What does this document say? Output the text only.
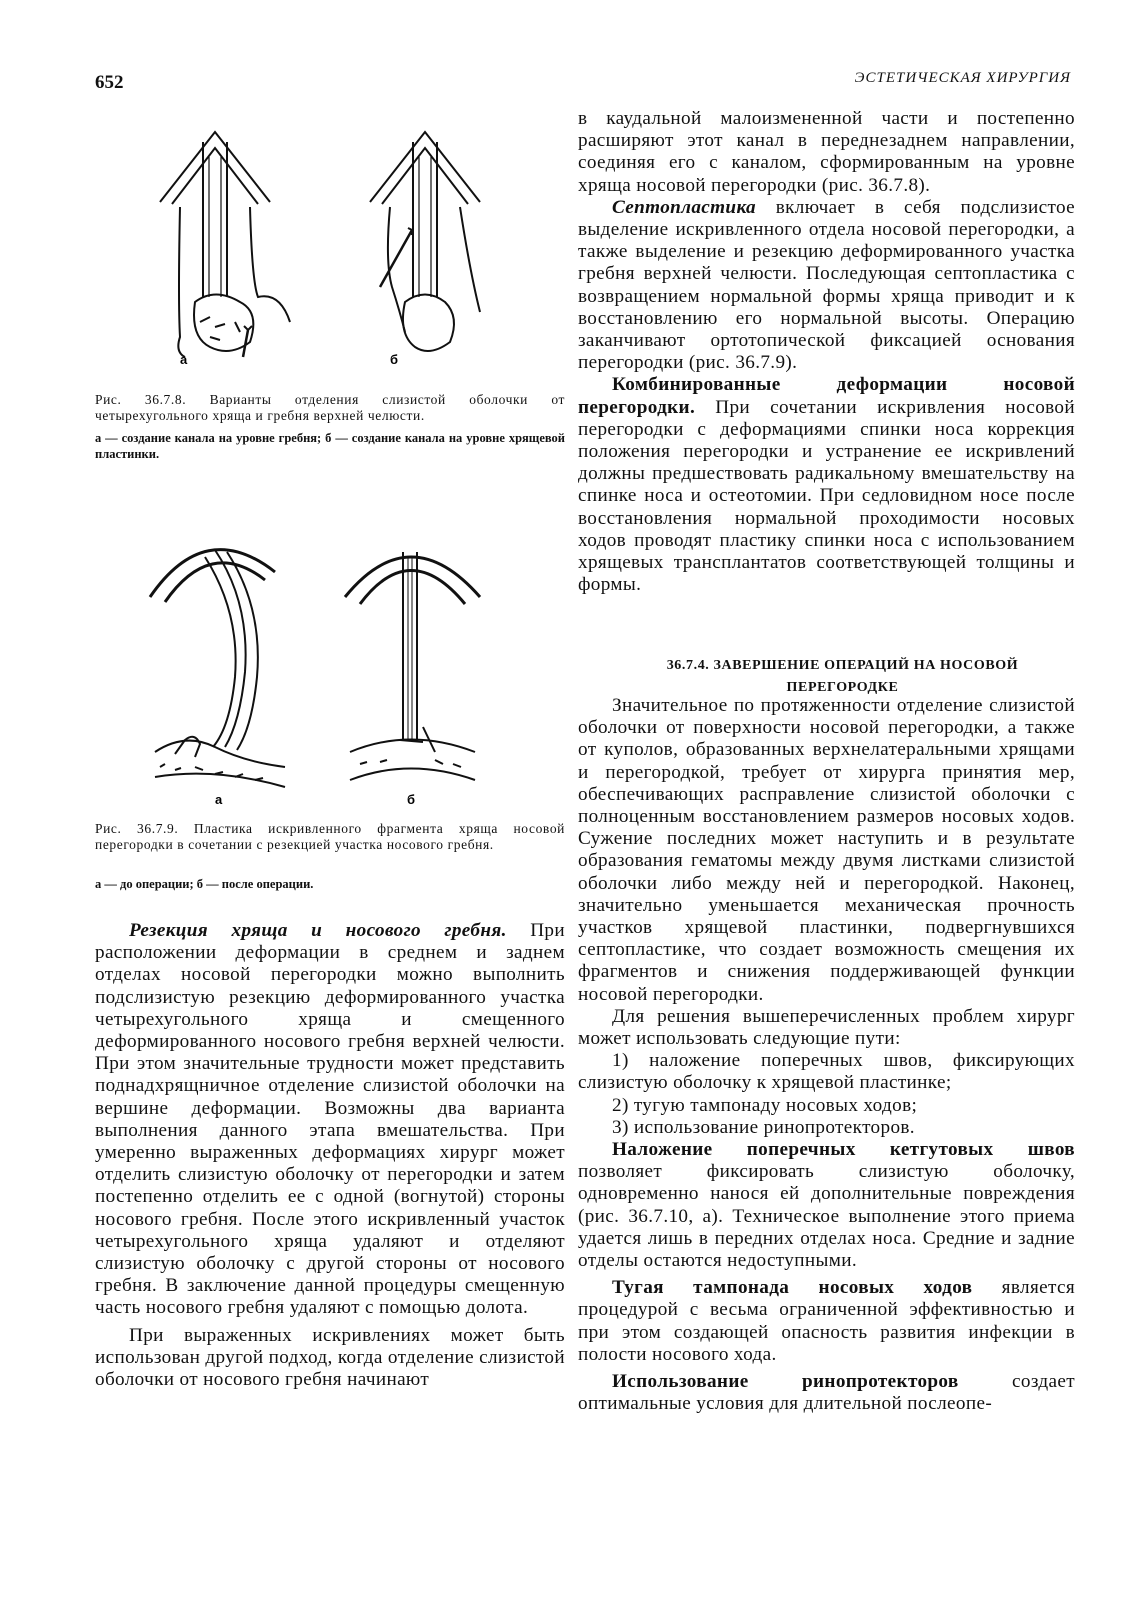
652	ЭСТЕТИЧЕСКАЯ ХИРУРГИЯ
а	б
Рис. 36.7.8. Варианты отделения слизистой оболочки от четырехугольного хряща и гребня верхней челюсти.
а — создание канала на уровне гребня; б — создание канала на уровне хрящевой пластинки.
а	б
Рис. 36.7.9. Пластика искривленного фрагмента хряща носовой перегородки в сочетании с резекцией участка носового гребня.
а — до операции; б — после операции.

Резекция хряща и носового гребня. При расположении деформации в среднем и заднем отделах носовой перегородки можно выполнить подслизистую резекцию деформированного участка четырехугольного хряща и смещенного деформированного носового гребня верхней челюсти. При этом значительные трудности может представить поднадхрящничное отделение слизистой оболочки на вершине деформации. Возможны два варианта выполнения данного этапа вмешательства. При умеренно выраженных деформациях хирург может отделить слизистую оболочку от перегородки и затем постепенно отделить ее с одной (вогнутой) стороны носового гребня. После этого искривленный участок четырехугольного хряща удаляют и отделяют слизистую оболочку с другой стороны от носового гребня. В заключение данной процедуры смещенную часть носового гребня удаляют с помощью долота.

При выраженных искривлениях может быть использован другой подход, когда отделение слизистой оболочки от носового гребня начинают

в каудальной малоизмененной части и постепенно расширяют этот канал в переднезаднем направлении, соединяя его с каналом, сформированным на уровне хряща носовой перегородки (рис. 36.7.8).

Септопластика включает в себя подслизистое выделение искривленного отдела носовой перегородки, а также выделение и резекцию деформированного участка гребня верхней челюсти. Последующая септопластика с возвращением нормальной формы хряща приводит и к восстановлению его нормальной высоты. Операцию заканчивают ортотопической фиксацией основания перегородки (рис. 36.7.9).

Комбинированные деформации носовой перегородки. При сочетании искривления носовой перегородки с деформациями спинки носа коррекция положения перегородки и устранение ее искривлений должны предшествовать радикальному вмешательству на спинке носа и остеотомии. При седловидном носе после восстановления нормальной проходимости носовых ходов проводят пластику спинки носа с использованием хрящевых трансплантатов соответствующей толщины и формы.

36.7.4. ЗАВЕРШЕНИЕ ОПЕРАЦИЙ НА НОСОВОЙ ПЕРЕГОРОДКЕ

Значительное по протяженности отделение слизистой оболочки от поверхности носовой перегородки, а также от куполов, образованных верхнелатеральными хрящами и перегородкой, требует от хирурга принятия мер, обеспечивающих расправление слизистой оболочки с полноценным восстановлением размеров носовых ходов. Сужение последних может наступить и в результате образования гематомы между двумя листками слизистой оболочки либо между ней и перегородкой. Наконец, значительно уменьшается механическая прочность участков хрящевой пластинки, подвергнувшихся септопластике, что создает возможность смещения их фрагментов и снижения поддерживающей функции носовой перегородки.

Для решения вышеперечисленных проблем хирург может использовать следующие пути:

1) наложение поперечных швов, фиксирующих слизистую оболочку к хрящевой пластинке;

2) тугую тампонаду носовых ходов;

3) использование ринопротекторов.

Наложение поперечных кетгутовых швов позволяет фиксировать слизистую оболочку, одновременно нанося ей дополнительные повреждения (рис. 36.7.10, а). Техническое выполнение этого приема удается лишь в передних отделах носа. Средние и задние отделы остаются недоступными.

Тугая тампонада носовых ходов является процедурой с весьма ограниченной эффективностью и при этом создающей опасность развития инфекции в полости носового хода.

Использование ринопротекторов создает оптимальные условия для длительной послеопе-
